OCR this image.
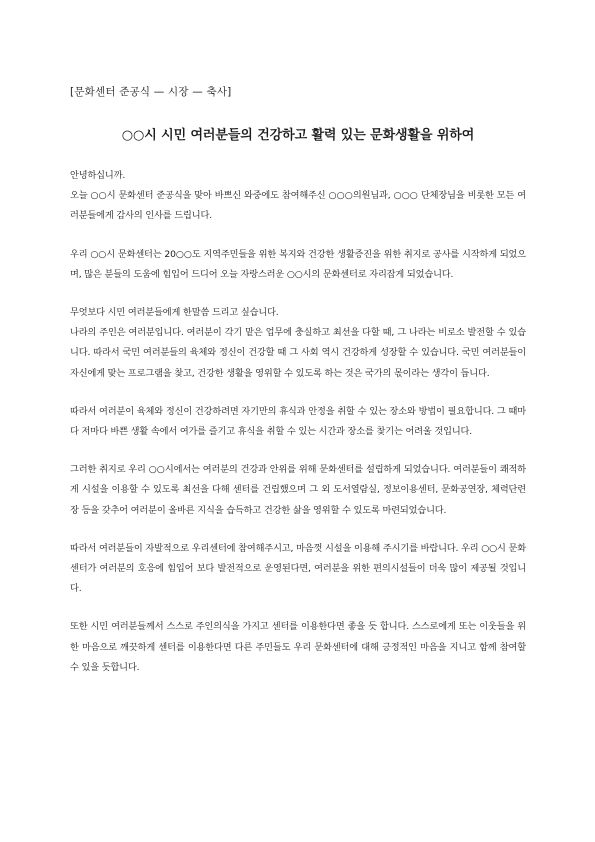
[문화센터 준공식 — 시장 — 축사]
○○시 시민 여러분들의 건강하고 활력 있는 문화생활을 위하여
안녕하십니까.
오늘 ○○시 문화센터 준공식을 맞아 바쁘신 와중에도 참여해주신 ○○○의원님과, ○○○ 단체장님을 비롯한 모든 여러분들에게 감사의 인사를 드립니다.
우리 ○○시 문화센터는 20○○도 지역주민들을 위한 복지와 건강한 생활증진을 위한 취지로 공사를 시작하게 되었으며, 많은 분들의 도움에 힘입어 드디어 오늘 자랑스러운 ○○시의 문화센터로 자리잡게 되었습니다.
무엇보다 시민 여러분들에게 한말씀 드리고 싶습니다.
나라의 주인은 여러분입니다. 여러분이 각기 맡은 업무에 충실하고 최선을 다할 때, 그 나라는 비로소 발전할 수 있습니다. 따라서 국민 여러분들의 육체와 정신이 건강할 때 그 사회 역시 건강하게 성장할 수 있습니다. 국민 여러분들이 자신에게 맞는 프로그램을 찾고, 건강한 생활을 영위할 수 있도록 하는 것은 국가의 몫이라는 생각이 듭니다.
따라서 여러분이 육체와 정신이 건강하려면 자기만의 휴식과 안정을 취할 수 있는 장소와 방법이 필요합니다. 그 때마다 저마다 바쁜 생활 속에서 여가를 즐기고 휴식을 취할 수 있는 시간과 장소를 찾기는 어려울 것입니다.
그러한 취지로 우리 ○○시에서는 여러분의 건강과 안위를 위해 문화센터를 설립하게 되었습니다. 여러분들이 쾌적하게 시설을 이용할 수 있도록 최선을 다해 센터를 건립했으며 그 외 도서열람실, 정보이용센터, 문화공연장, 체력단련장 등을 갖추어 여러분이 올바른 지식을 습득하고 건강한 삶을 영위할 수 있도록 마련되었습니다.
따라서 여러분들이 자발적으로 우리센터에 참여해주시고, 마음껏 시설을 이용해 주시기를 바랍니다. 우리 ○○시 문화센터가 여러분의 호응에 힘입어 보다 발전적으로 운영된다면, 여러분을 위한 편의시설들이 더욱 많이 제공될 것입니다.
또한 시민 여러분들께서 스스로 주인의식을 가지고 센터를 이용한다면 좋을 듯 합니다. 스스로에게 또는 이웃들을 위한 마음으로 깨끗하게 센터를 이용한다면 다른 주민들도 우리 문화센터에 대해 긍정적인 마음을 지니고 함께 참여할 수 있을 듯합니다.
